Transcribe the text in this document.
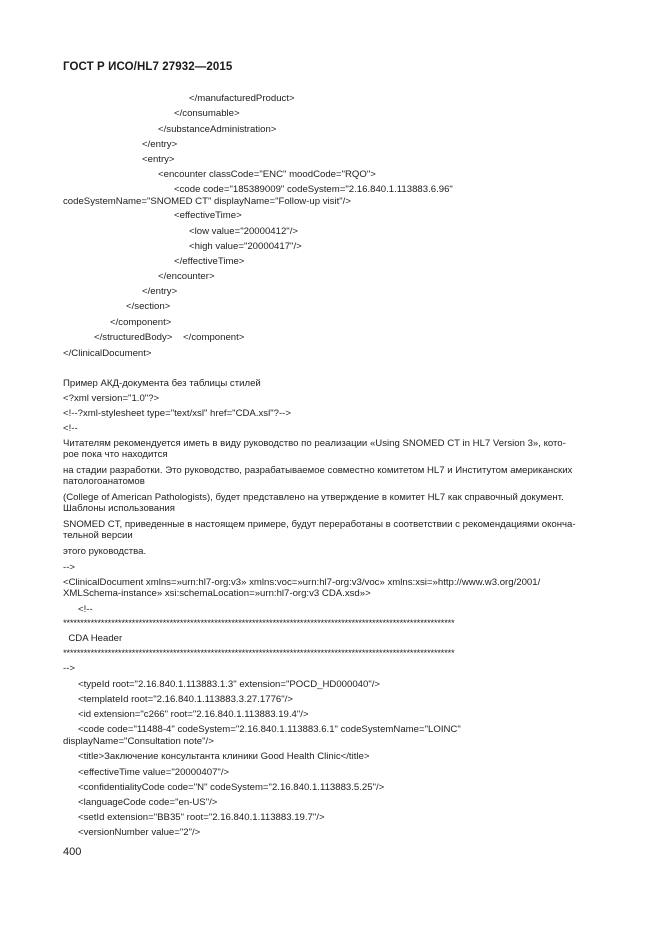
ГОСТ Р ИСО/HL7 27932—2015
</manufacturedProduct>
</consumable>
</substanceAdministration>
</entry>
<entry>
<encounter classCode="ENC" moodCode="RQO">
<code code="185389009" codeSystem="2.16.840.1.113883.6.96"
codeSystemName="SNOMED CT" displayName="Follow-up visit"/>
<effectiveTime>
<low value="20000412"/>
<high value="20000417"/>
</effectiveTime>
</encounter>
</entry>
</section>
</component>
</structuredBody>    </component>
</ClinicalDocument>
Пример АКД-документа без таблицы стилей
<?xml version="1.0"?>
<!--?xml-stylesheet type="text/xsl" href="CDA.xsl"?-->
<!--
Читателям рекомендуется иметь в виду руководство по реализации «Using SNOMED CT in HL7 Version 3», кото-
рое пока что находится
на стадии разработки. Это руководство, разрабатываемое совместно комитетом HL7 и Институтом американских
патологоанатомов
(College of American Pathologists), будет представлено на утверждение в комитет HL7 как справочный документ.
Шаблоны использования
SNOMED CT, приведенные в настоящем примере, будут переработаны в соответствии с рекомендациями оконча-
тельной версии
этого руководства.
-->
<ClinicalDocument xmlns=»urn:hl7-org:v3» xmlns:voc=»urn:hl7-org:v3/voc» xmlns:xsi=»http://www.w3.org/2001/
XMLSchema-instance» xsi:schemaLocation=»urn:hl7-org:v3 CDA.xsd»>
<!--
******************************************************************************************************************
CDA Header
******************************************************************************************************************
-->
<typeId root="2.16.840.1.113883.1.3" extension="POCD_HD000040"/>
<templateId root="2.16.840.1.113883.3.27.1776"/>
<id extension="c266" root="2.16.840.1.113883.19.4"/>
<code code="11488-4" codeSystem="2.16.840.1.113883.6.1" codeSystemName="LOINC"
displayName="Consultation note"/>
<title>Заключение консультанта клиники Good Health Clinic</title>
<effectiveTime value="20000407"/>
<confidentialityCode code="N" codeSystem="2.16.840.1.113883.5.25"/>
<languageCode code="en-US"/>
<setId extension="BB35" root="2.16.840.1.113883.19.7"/>
<versionNumber value="2"/>
400
